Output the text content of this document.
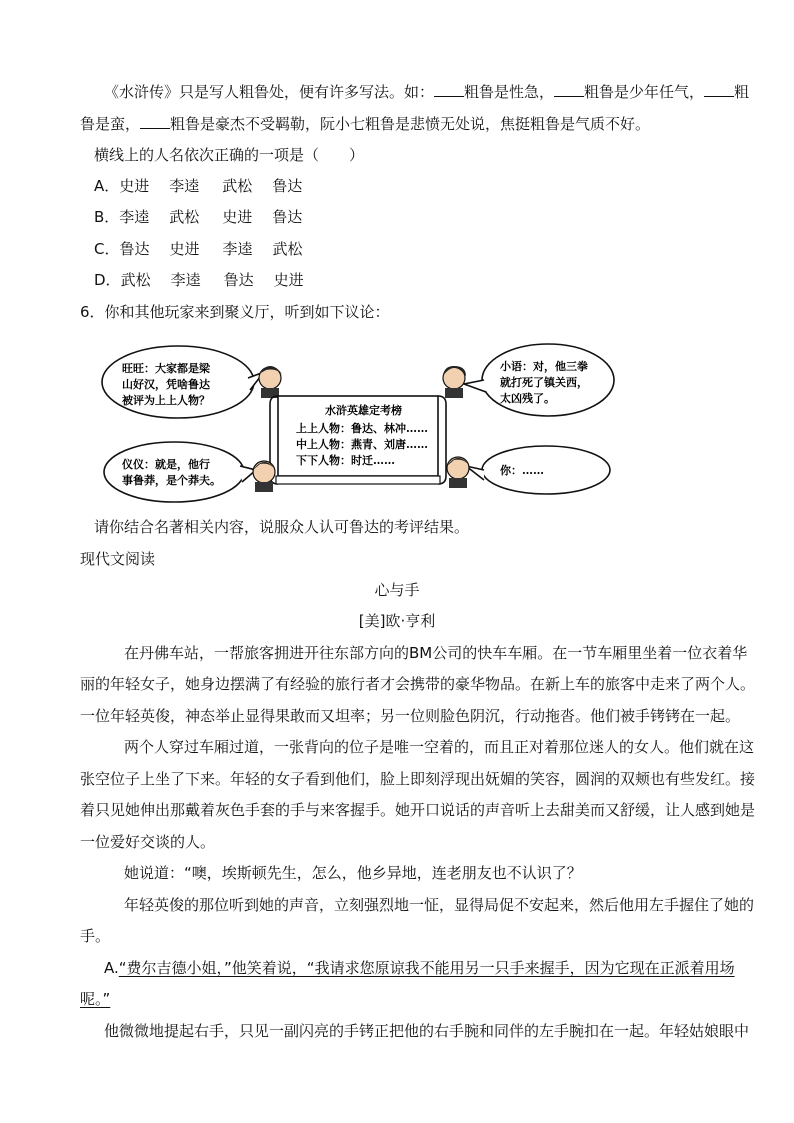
《水浒传》只是写人粗鲁处，便有许多写法。如： 粗鲁是性急， 粗鲁是少年任气， 粗
鲁是蛮， 粗鲁是豪杰不受羁勒，阮小七粗鲁是悲愤无处说，焦挺粗鲁是气质不好。
横线上的人名依次正确的一项是（　　）
A．史进 李逵 武松 鲁达
B．李逵 武松 史进 鲁达
C．鲁达 史进 李逵 武松
D．武松 李逵 鲁达 史进
6．你和其他玩家来到聚义厅，听到如下议论：
旺旺：大家都是梁
山好汉，凭啥鲁达
被评为上上人物？
小语：对，他三拳
就打死了镇关西，
太凶残了。
水浒英雄定考榜
上上人物：鲁达、林冲……
中上人物：燕青、刘唐……
下下人物：时迁……
仪仪：就是，他行
事鲁莽，是个莽夫。
你：……
请你结合名著相关内容，说服众人认可鲁达的考评结果。
现代文阅读
心与手
[美]欧·亨利
在丹佛车站，一帮旅客拥进开往东部方向的BM公司的快车车厢。在一节车厢里坐着一位衣着华
丽的年轻女子，她身边摆满了有经验的旅行者才会携带的豪华物品。在新上车的旅客中走来了两个人。
一位年轻英俊，神态举止显得果敢而又坦率；另一位则脸色阴沉，行动拖沓。他们被手铐铐在一起。
两个人穿过车厢过道，一张背向的位子是唯一空着的，而且正对着那位迷人的女人。他们就在这
张空位子上坐了下来。年轻的女子看到他们，脸上即刻浮现出妩媚的笑容，圆润的双颊也有些发红。接
着只见她伸出那戴着灰色手套的手与来客握手。她开口说话的声音听上去甜美而又舒缓，让人感到她是
一位爱好交谈的人。
她说道：“噢，埃斯顿先生，怎么，他乡异地，连老朋友也不认识了？
年轻英俊的那位听到她的声音，立刻强烈地一怔，显得局促不安起来，然后他用左手握住了她的
手。
A.“费尔吉德小姐，”他笑着说，“我请求您原谅我不能用另一只手来握手，因为它现在正派着用场
呢。”
他微微地提起右手，只见一副闪亮的手铐正把他的右手腕和同伴的左手腕扣在一起。年轻姑娘眼中
